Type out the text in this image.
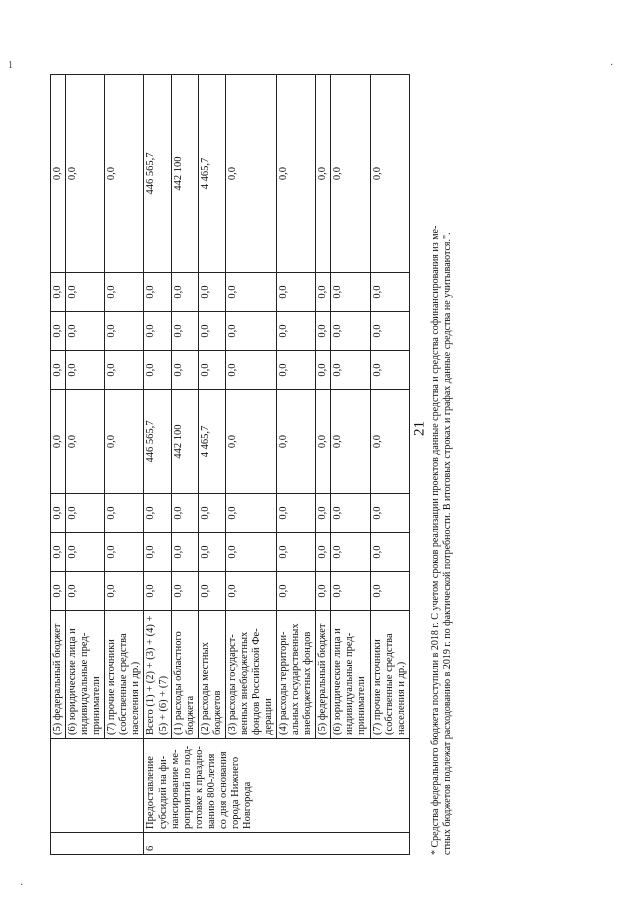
21
1	·
·
		(5) федеральный бюджет	0,0	0,0	0,0	0,0	0,0	0,0	0,0	0,0
		(6) юридические лица и индивидуальные пред-приниматели	0,0	0,0	0,0	0,0	0,0	0,0	0,0	0,0
		(7) прочие источники (собственные средства населения и др.)	0,0	0,0	0,0	0,0	0,0	0,0	0,0	0,0
6	Предоставление субсидий на фи-нансирование ме-роприятий по под-готовке к праздно-ванию 800-летия со дня основания города Нижнего Новгорода	Всего (1) + (2) + (3) + (4) + (5) + (6) + (7)	0,0	0,0	0,0	446 565,7	0,0	0,0	0,0	446 565,7
		(1) расходы областного бюджета	0,0	0,0	0,0	442 100	0,0	0,0	0,0	442 100
		(2) расходы местных бюджетов	0,0	0,0	0,0	4 465,7	0,0	0,0	0,0	4 465,7
		(3) расходы государст-венных внебюджетных фондов Российской Фе-дерации	0,0	0,0	0,0	0,0	0,0	0,0	0,0	0,0
		(4) расходы территори-альных государственных внебюджетных фондов	0,0	0,0	0,0	0,0	0,0	0,0	0,0	0,0
		(5) федеральный бюджет	0,0	0,0	0,0	0,0	0,0	0,0	0,0	0,0
		(6) юридические лица и индивидуальные пред-приниматели	0,0	0,0	0,0	0,0	0,0	0,0	0,0	0,0
		(7) прочие источники (собственные средства населения и др.)	0,0	0,0	0,0	0,0	0,0	0,0	0,0	0,0

* Средства федерального бюджета поступили в 2018 г. С учетом сроков реализации проектов данные средства и средства софинансирования из ме- стных бюджетов подлежат расходованию в 2019 г. по фактической потребности. В итоговых строках и графах данные средства не учитываются.".
